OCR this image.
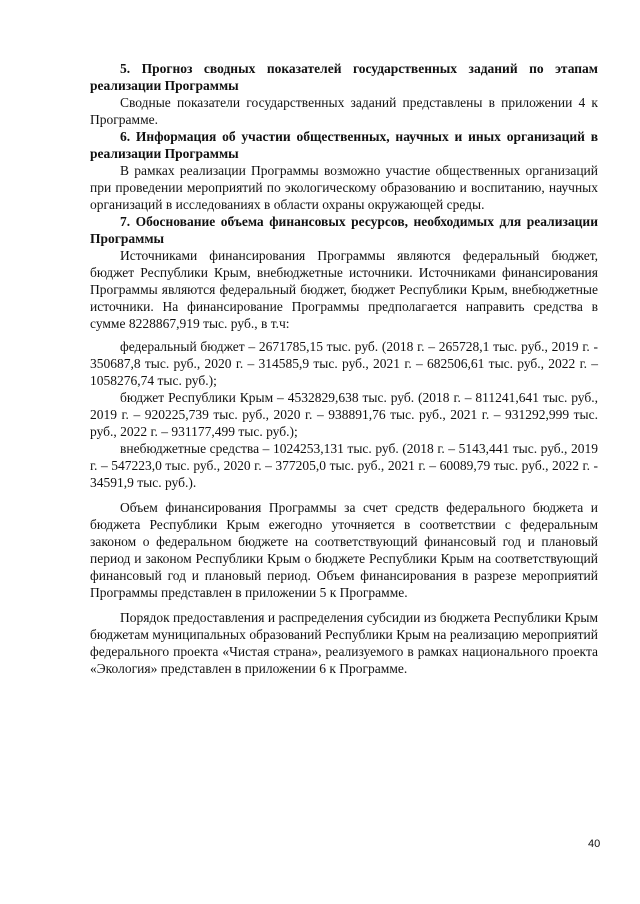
5. Прогноз сводных показателей государственных заданий по этапам реализации Программы

Сводные показатели государственных заданий представлены в приложении 4 к Программе.

6. Информация об участии общественных, научных и иных организаций в реализации Программы

В рамках реализации Программы возможно участие общественных организаций при проведении мероприятий по экологическому образованию и воспитанию, научных организаций в исследованиях в области охраны окружающей среды.

7. Обоснование объема финансовых ресурсов, необходимых для реализации Программы

Источниками финансирования Программы являются федеральный бюджет, бюджет Республики Крым, внебюджетные источники. Источниками финансирования Программы являются федеральный бюджет, бюджет Республики Крым, внебюджетные источники. На финансирование Программы предполагается направить средства в сумме 8228867,919 тыс. руб., в т.ч:

федеральный бюджет – 2671785,15 тыс. руб. (2018 г. – 265728,1 тыс. руб., 2019 г. - 350687,8 тыс. руб., 2020 г. – 314585,9 тыс. руб., 2021 г. – 682506,61 тыс. руб., 2022 г. – 1058276,74 тыс. руб.);

бюджет Республики Крым – 4532829,638 тыс. руб. (2018 г. – 811241,641 тыс. руб., 2019 г. – 920225,739 тыс. руб., 2020 г. – 938891,76 тыс. руб., 2021 г. – 931292,999 тыс. руб., 2022 г. – 931177,499 тыс. руб.);

внебюджетные средства – 1024253,131 тыс. руб. (2018 г. – 5143,441 тыс. руб., 2019 г. – 547223,0 тыс. руб., 2020 г. – 377205,0 тыс. руб., 2021 г. – 60089,79 тыс. руб., 2022 г. - 34591,9 тыс. руб.).

Объем финансирования Программы за счет средств федерального бюджета и бюджета Республики Крым ежегодно уточняется в соответствии с федеральным законом о федеральном бюджете на соответствующий финансовый год и плановый период и законом Республики Крым о бюджете Республики Крым на соответствующий финансовый год и плановый период. Объем финансирования в разрезе мероприятий Программы представлен в приложении 5 к Программе.

Порядок предоставления и распределения субсидии из бюджета Республики Крым бюджетам муниципальных образований Республики Крым на реализацию мероприятий федерального проекта «Чистая страна», реализуемого в рамках национального проекта «Экология» представлен в приложении 6 к Программе.

40
